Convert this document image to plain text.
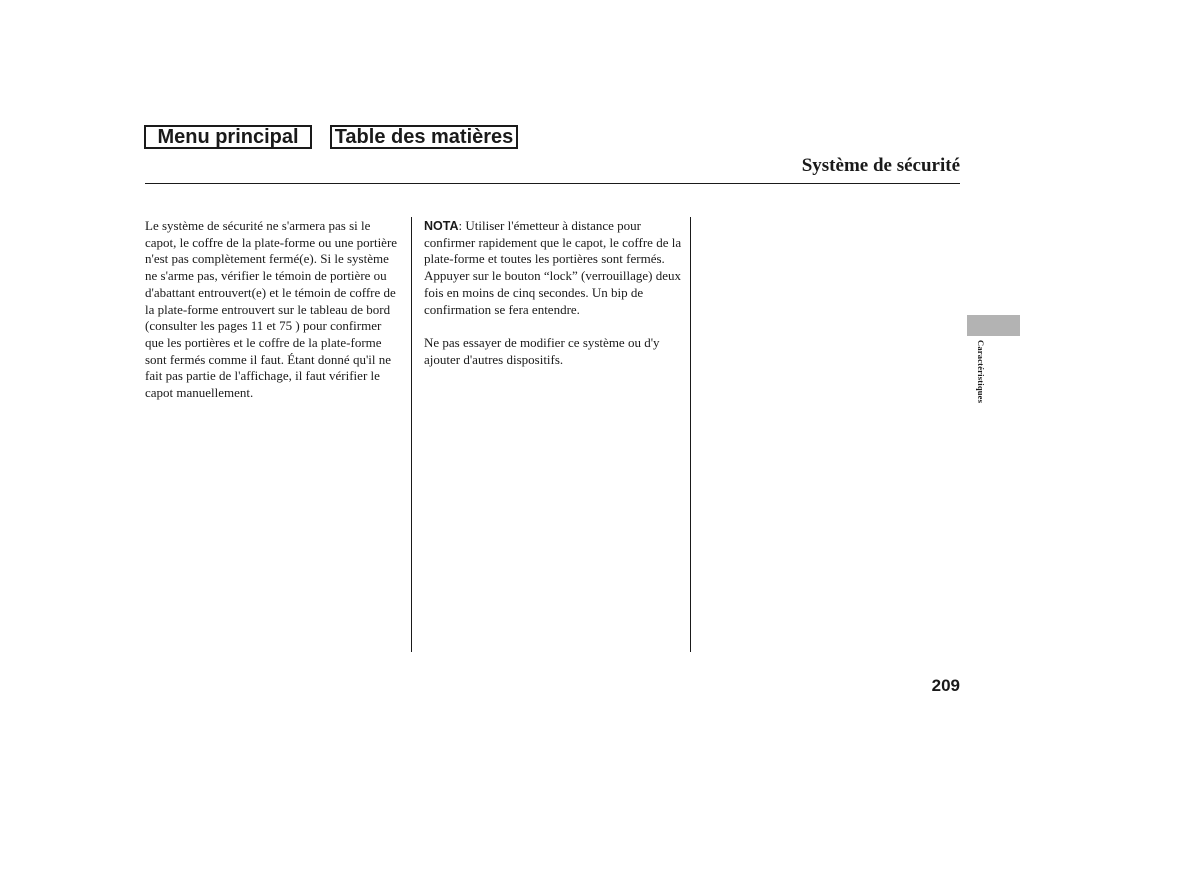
Menu principal	Table des matières
Système de sécurité

Le système de sécurité ne s'armera pas si le capot, le coffre de la plate-forme ou une portière n'est pas complètement fermé(e). Si le système ne s'arme pas, vérifier le témoin de portière ou d'abattant entrouvert(e) et le témoin de coffre de la plate-forme entrouvert sur le tableau de bord (consulter les pages 11 et 75 ) pour confirmer que les portières et le coffre de la plate-forme sont fermés comme il faut. Étant donné qu'il ne fait pas partie de l'affichage, il faut vérifier le capot manuellement.

NOTA: Utiliser l'émetteur à distance pour confirmer rapidement que le capot, le coffre de la plate-forme et toutes les portières sont fermés. Appuyer sur le bouton “lock” (verrouillage) deux fois en moins de cinq secondes. Un bip de confirmation se fera entendre.

Ne pas essayer de modifier ce système ou d'y ajouter d'autres dispositifs.	Caractéristiques
209
